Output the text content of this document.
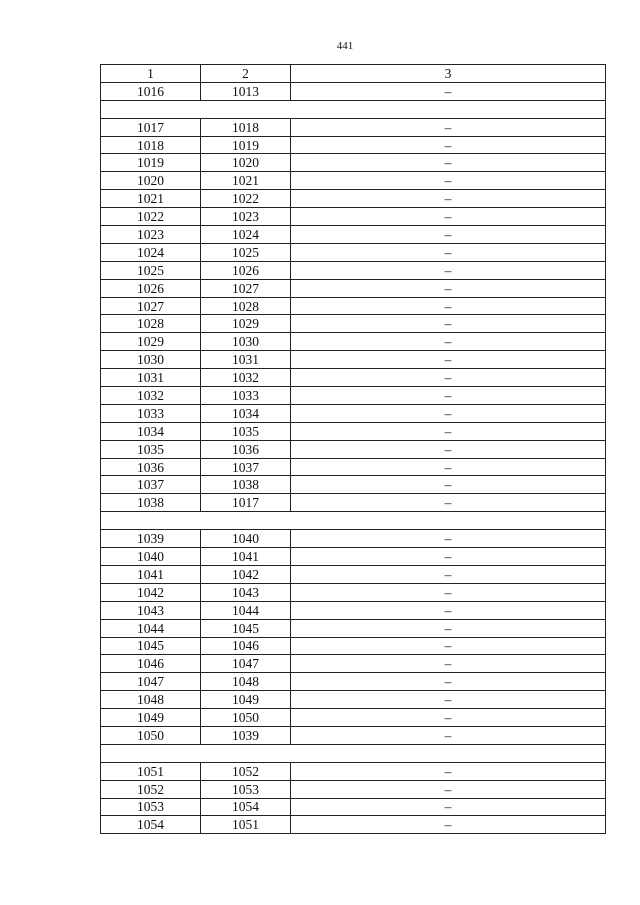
441
1	2	3
1016	1013	–

1017	1018	–
1018	1019	–
1019	1020	–
1020	1021	–
1021	1022	–
1022	1023	–
1023	1024	–
1024	1025	–
1025	1026	–
1026	1027	–
1027	1028	–
1028	1029	–
1029	1030	–
1030	1031	–
1031	1032	–
1032	1033	–
1033	1034	–
1034	1035	–
1035	1036	–
1036	1037	–
1037	1038	–
1038	1017	–

1039	1040	–
1040	1041	–
1041	1042	–
1042	1043	–
1043	1044	–
1044	1045	–
1045	1046	–
1046	1047	–
1047	1048	–
1048	1049	–
1049	1050	–
1050	1039	–

1051	1052	–
1052	1053	–
1053	1054	–
1054	1051	–
